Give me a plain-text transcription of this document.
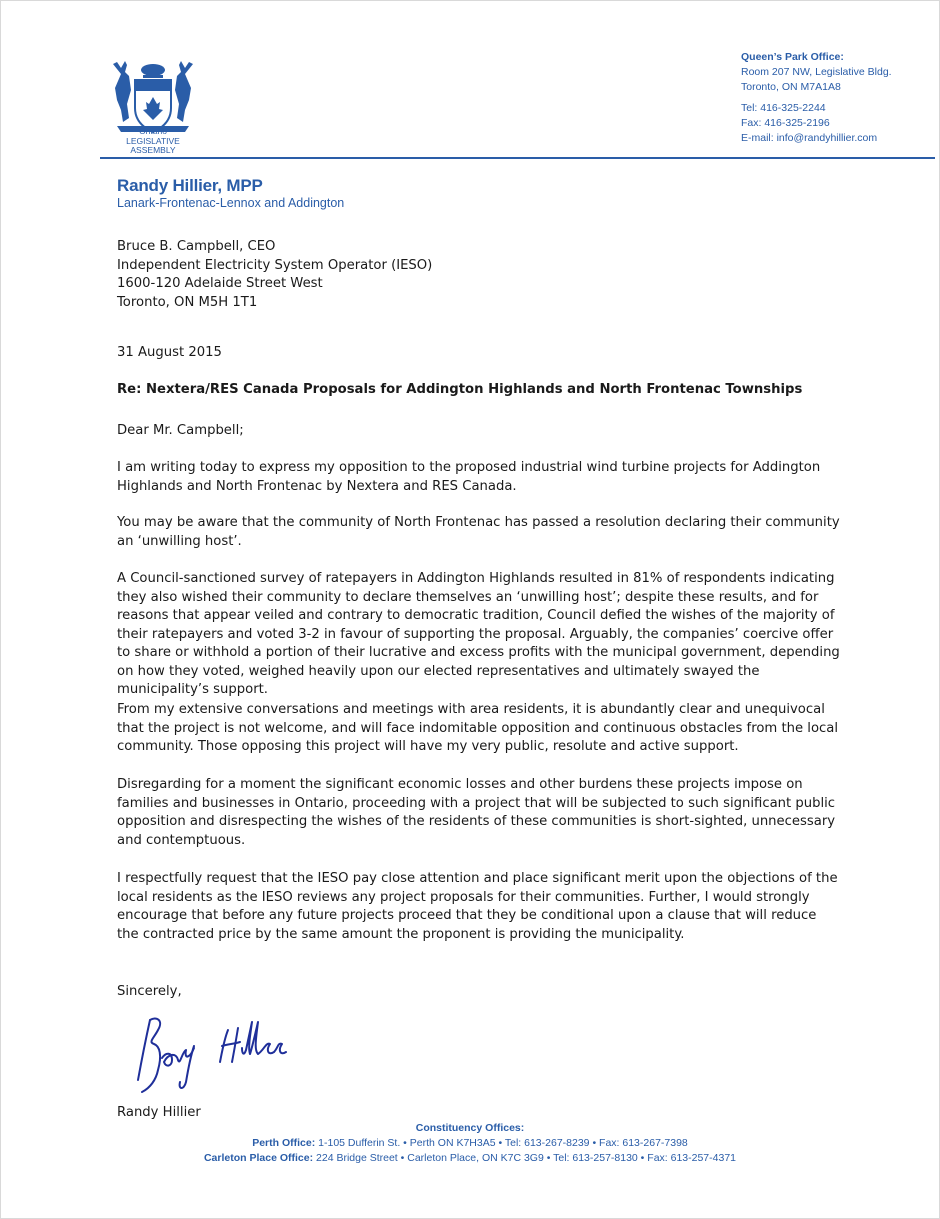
Ontario
LEGISLATIVE
ASSEMBLY
Queen’s Park Office:
Room 207 NW, Legislative Bldg.
Toronto, ON M7A1A8
Tel: 416-325-2244
Fax: 416-325-2196
E-mail: info@randyhillier.com
Randy Hillier, MPP
Lanark-Frontenac-Lennox and Addington

Bruce B. Campbell, CEO

Independent Electricity System Operator (IESO)

1600-120 Adelaide Street West

Toronto, ON M5H 1T1

31 August 2015
Re: Nextera/RES Canada Proposals for Addington Highlands and North Frontenac Townships
Dear Mr. Campbell;
I am writing today to express my opposition to the proposed industrial wind turbine projects for Addington Highlands and North Frontenac by Nextera and RES Canada.
You may be aware that the community of North Frontenac has passed a resolution declaring their community an ‘unwilling host’.
A Council-sanctioned survey of ratepayers in Addington Highlands resulted in 81% of respondents indicating they also wished their community to declare themselves an ‘unwilling host’; despite these results, and for reasons that appear veiled and contrary to democratic tradition, Council defied the wishes of the majority of their ratepayers and voted 3-2 in favour of supporting the proposal. Arguably, the companies’ coercive offer to share or withhold a portion of their lucrative and excess profits with the municipal government, depending on how they voted, weighed heavily upon our elected representatives and ultimately swayed the municipality’s support.
From my extensive conversations and meetings with area residents, it is abundantly clear and unequivocal that the project is not welcome, and will face indomitable opposition and continuous obstacles from the local community. Those opposing this project will have my very public, resolute and active support.
Disregarding for a moment the significant economic losses and other burdens these projects impose on families and businesses in Ontario, proceeding with a project that will be subjected to such significant public opposition and disrespecting the wishes of the residents of these communities is short-sighted, unnecessary and contemptuous.
I respectfully request that the IESO pay close attention and place significant merit upon the objections of the local residents as the IESO reviews any project proposals for their communities. Further, I would strongly encourage that before any future projects proceed that they be conditional upon a clause that will reduce the contracted price by the same amount the proponent is providing the municipality.
Sincerely,
Randy Hillier
Constituency Offices:
Perth Office: 1-105 Dufferin St. • Perth ON K7H3A5 • Tel: 613-267-8239 • Fax: 613-267-7398
Carleton Place Office: 224 Bridge Street • Carleton Place, ON K7C 3G9 • Tel: 613-257-8130 • Fax: 613-257-4371
